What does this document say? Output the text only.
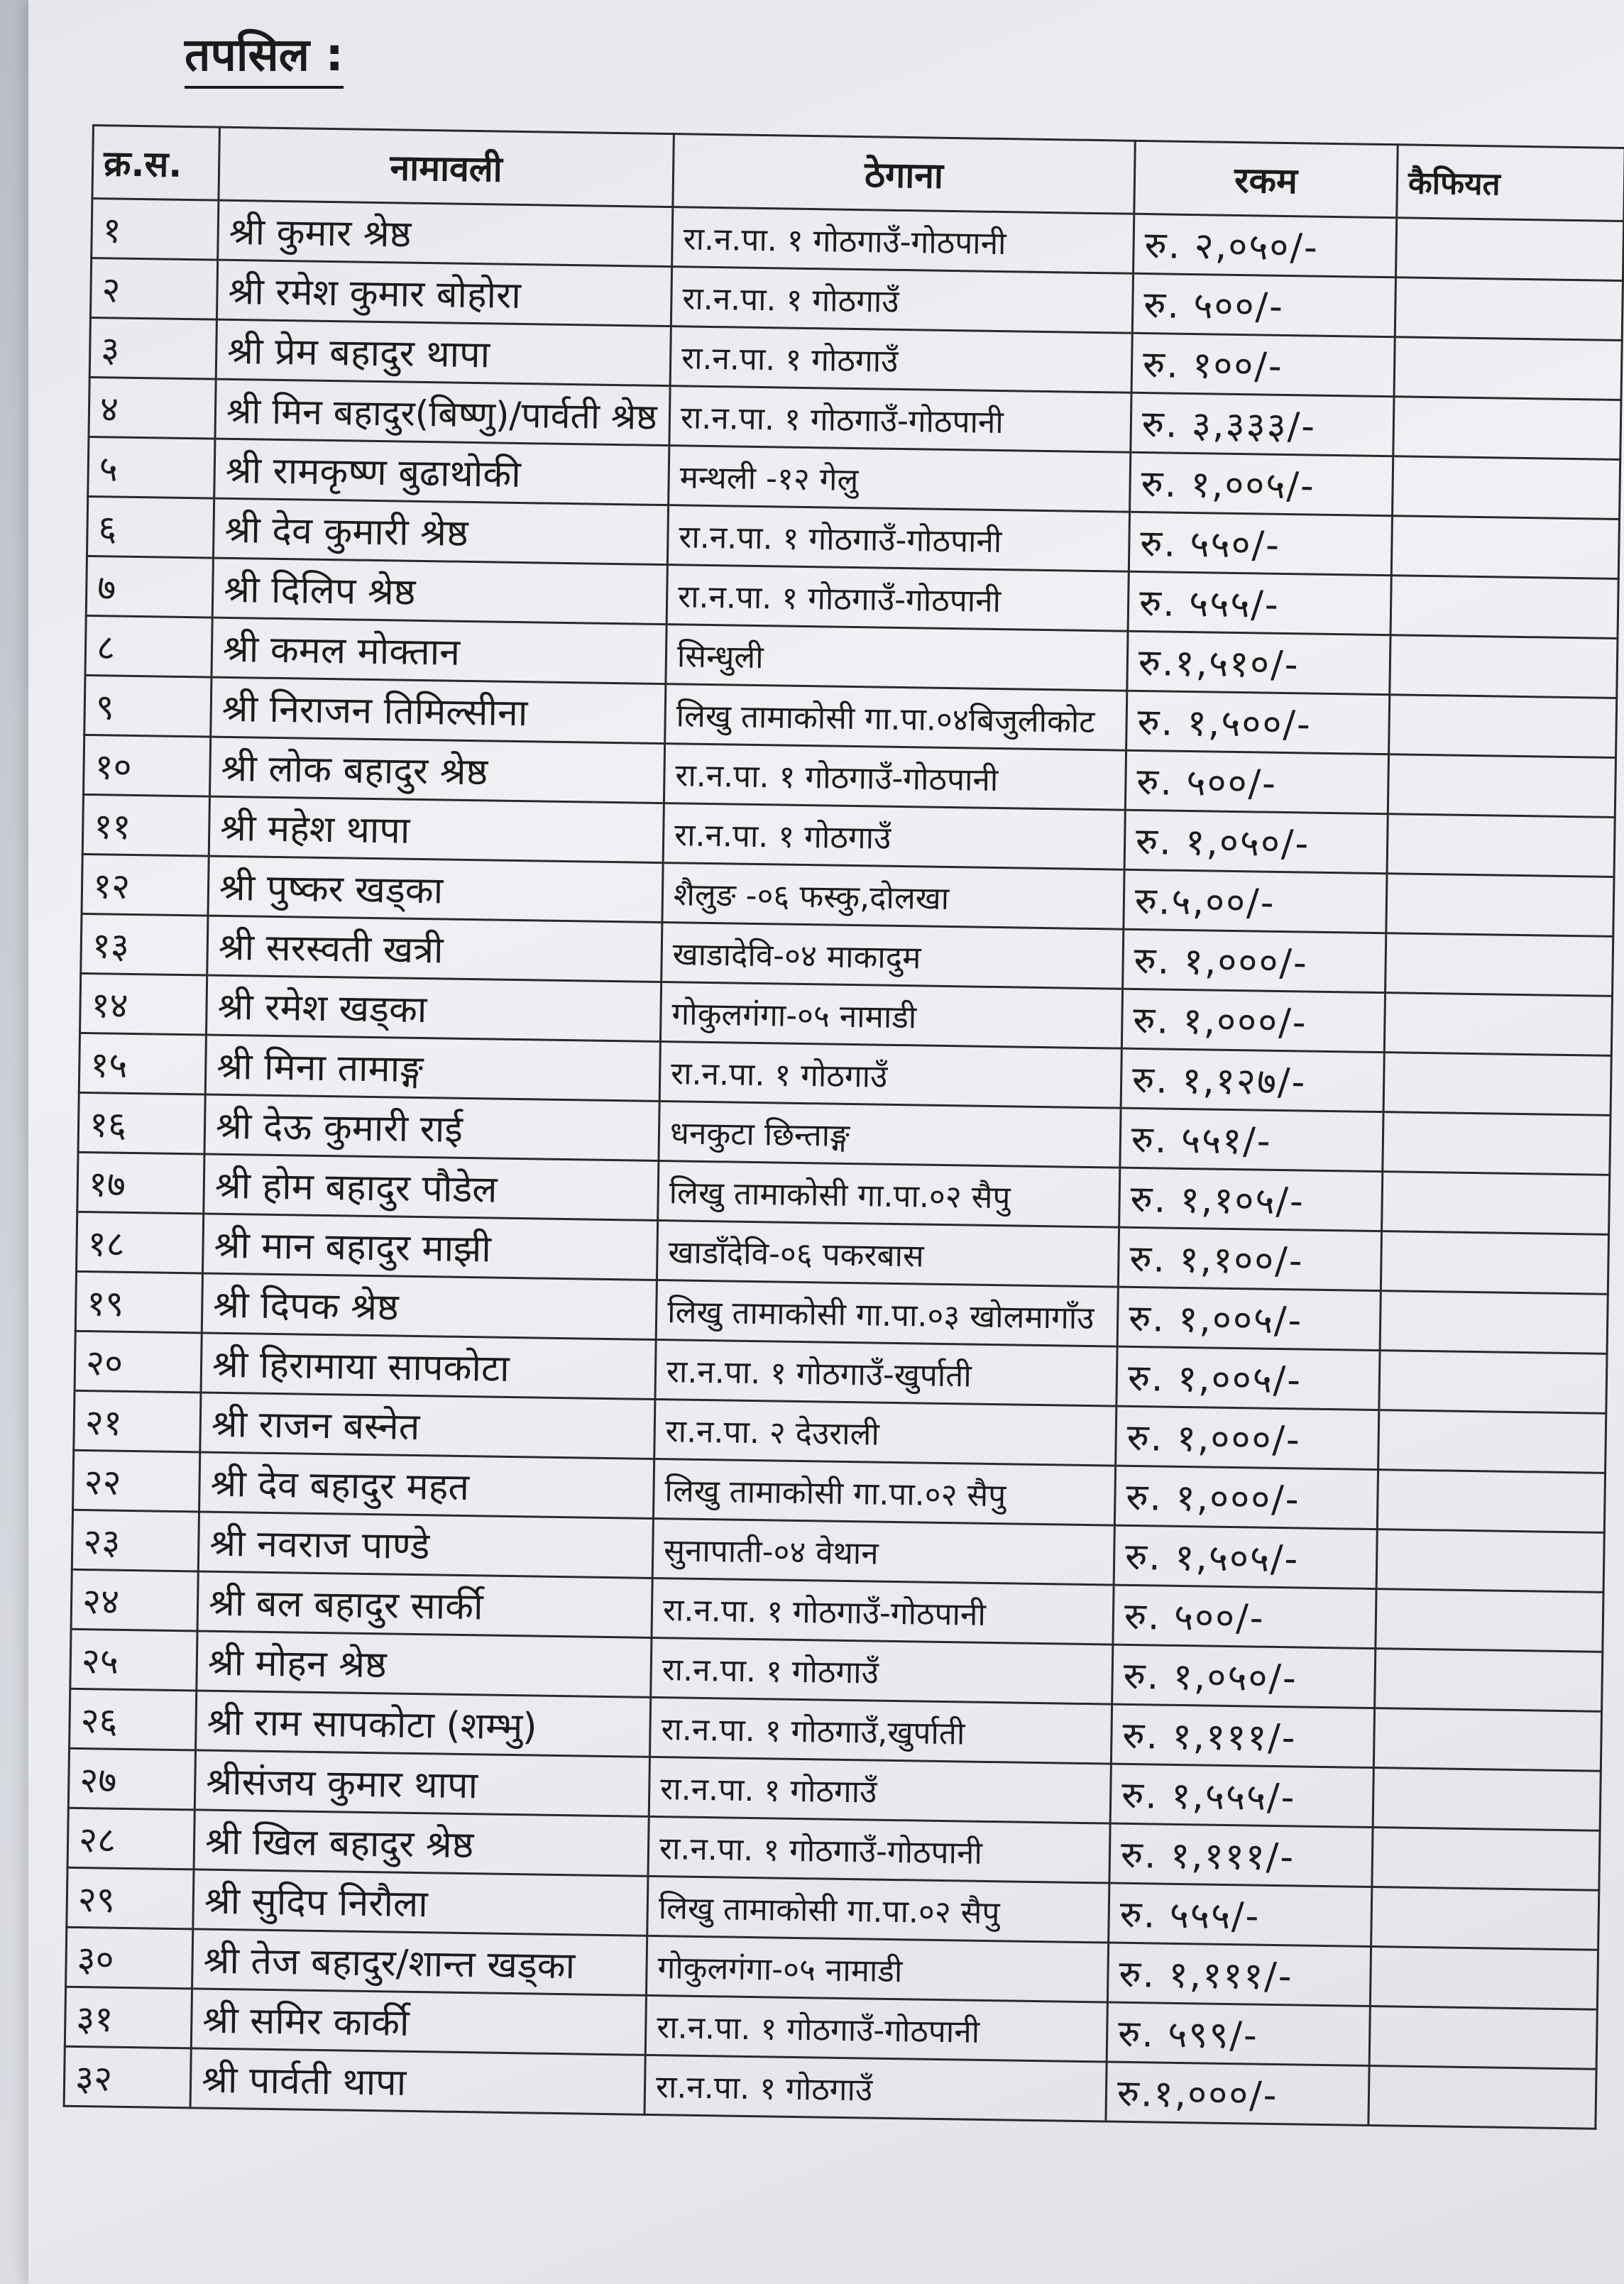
तपसिल :
क्र.स.	नामावली	ठेगाना	रकम	कैफियत
१	श्री कुमार श्रेष्ठ	रा.न.पा. १ गोठगाउँ-गोठपानी	रु. २,०५०/-	
२	श्री रमेश कुमार बोहोरा	रा.न.पा. १ गोठगाउँ	रु. ५००/-	
३	श्री प्रेम बहादुर थापा	रा.न.पा. १ गोठगाउँ	रु. १००/-	
४	श्री मिन बहादुर(बिष्णु)/पार्वती श्रेष्ठ	रा.न.पा. १ गोठगाउँ-गोठपानी	रु. ३,३३३/-	
५	श्री रामकृष्ण बुढाथोकी	मन्थली -१२ गेलु	रु. १,००५/-	
६	श्री देव कुमारी श्रेष्ठ	रा.न.पा. १ गोठगाउँ-गोठपानी	रु. ५५०/-	
७	श्री दिलिप श्रेष्ठ	रा.न.पा. १ गोठगाउँ-गोठपानी	रु. ५५५/-	
८	श्री कमल मोक्तान	सिन्धुली	रु.१,५१०/-	
९	श्री निराजन तिमिल्सीना	लिखु तामाकोसी गा.पा.०४बिजुलीकोट	रु. १,५००/-	
१०	श्री लोक बहादुर श्रेष्ठ	रा.न.पा. १ गोठगाउँ-गोठपानी	रु. ५००/-	
११	श्री महेश थापा	रा.न.पा. १ गोठगाउँ	रु. १,०५०/-	
१२	श्री पुष्कर खड्का	शैलुङ -०६ फस्कु,दोलखा	रु.५,००/-	
१३	श्री सरस्वती खत्री	खाडादेवि-०४ माकादुम	रु. १,०००/-	
१४	श्री रमेश खड्का	गोकुलगंगा-०५ नामाडी	रु. १,०००/-	
१५	श्री मिना तामाङ्ग	रा.न.पा. १ गोठगाउँ	रु. १,१२७/-	
१६	श्री देऊ कुमारी राई	धनकुटा छिन्ताङ्ग	रु. ५५१/-	
१७	श्री होम बहादुर पौडेल	लिखु तामाकोसी गा.पा.०२ सैपु	रु. १,१०५/-	
१८	श्री मान बहादुर माझी	खाडाँदेवि-०६ पकरबास	रु. १,१००/-	
१९	श्री दिपक श्रेष्ठ	लिखु तामाकोसी गा.पा.०३ खोलमागाँउ	रु. १,००५/-	
२०	श्री हिरामाया सापकोटा	रा.न.पा. १ गोठगाउँ-खुर्पाती	रु. १,००५/-	
२१	श्री राजन बस्नेत	रा.न.पा. २ देउराली	रु. १,०००/-	
२२	श्री देव बहादुर महत	लिखु तामाकोसी गा.पा.०२ सैपु	रु. १,०००/-	
२३	श्री नवराज पाण्डे	सुनापाती-०४ वेथान	रु. १,५०५/-	
२४	श्री बल बहादुर सार्की	रा.न.पा. १ गोठगाउँ-गोठपानी	रु. ५००/-	
२५	श्री मोहन श्रेष्ठ	रा.न.पा. १ गोठगाउँ	रु. १,०५०/-	
२६	श्री राम सापकोटा (शम्भु)	रा.न.पा. १ गोठगाउँ,खुर्पाती	रु. १,१११/-	
२७	श्रीसंजय कुमार थापा	रा.न.पा. १ गोठगाउँ	रु. १,५५५/-	
२८	श्री खिल बहादुर श्रेष्ठ	रा.न.पा. १ गोठगाउँ-गोठपानी	रु. १,१११/-	
२९	श्री सुदिप निरौला	लिखु तामाकोसी गा.पा.०२ सैपु	रु. ५५५/-	
३०	श्री तेज बहादुर/शान्त खड्का	गोकुलगंगा-०५ नामाडी	रु. १,१११/-	
३१	श्री समिर कार्की	रा.न.पा. १ गोठगाउँ-गोठपानी	रु. ५९९/-	
३२	श्री पार्वती थापा	रा.न.पा. १ गोठगाउँ	रु.१,०००/-	
